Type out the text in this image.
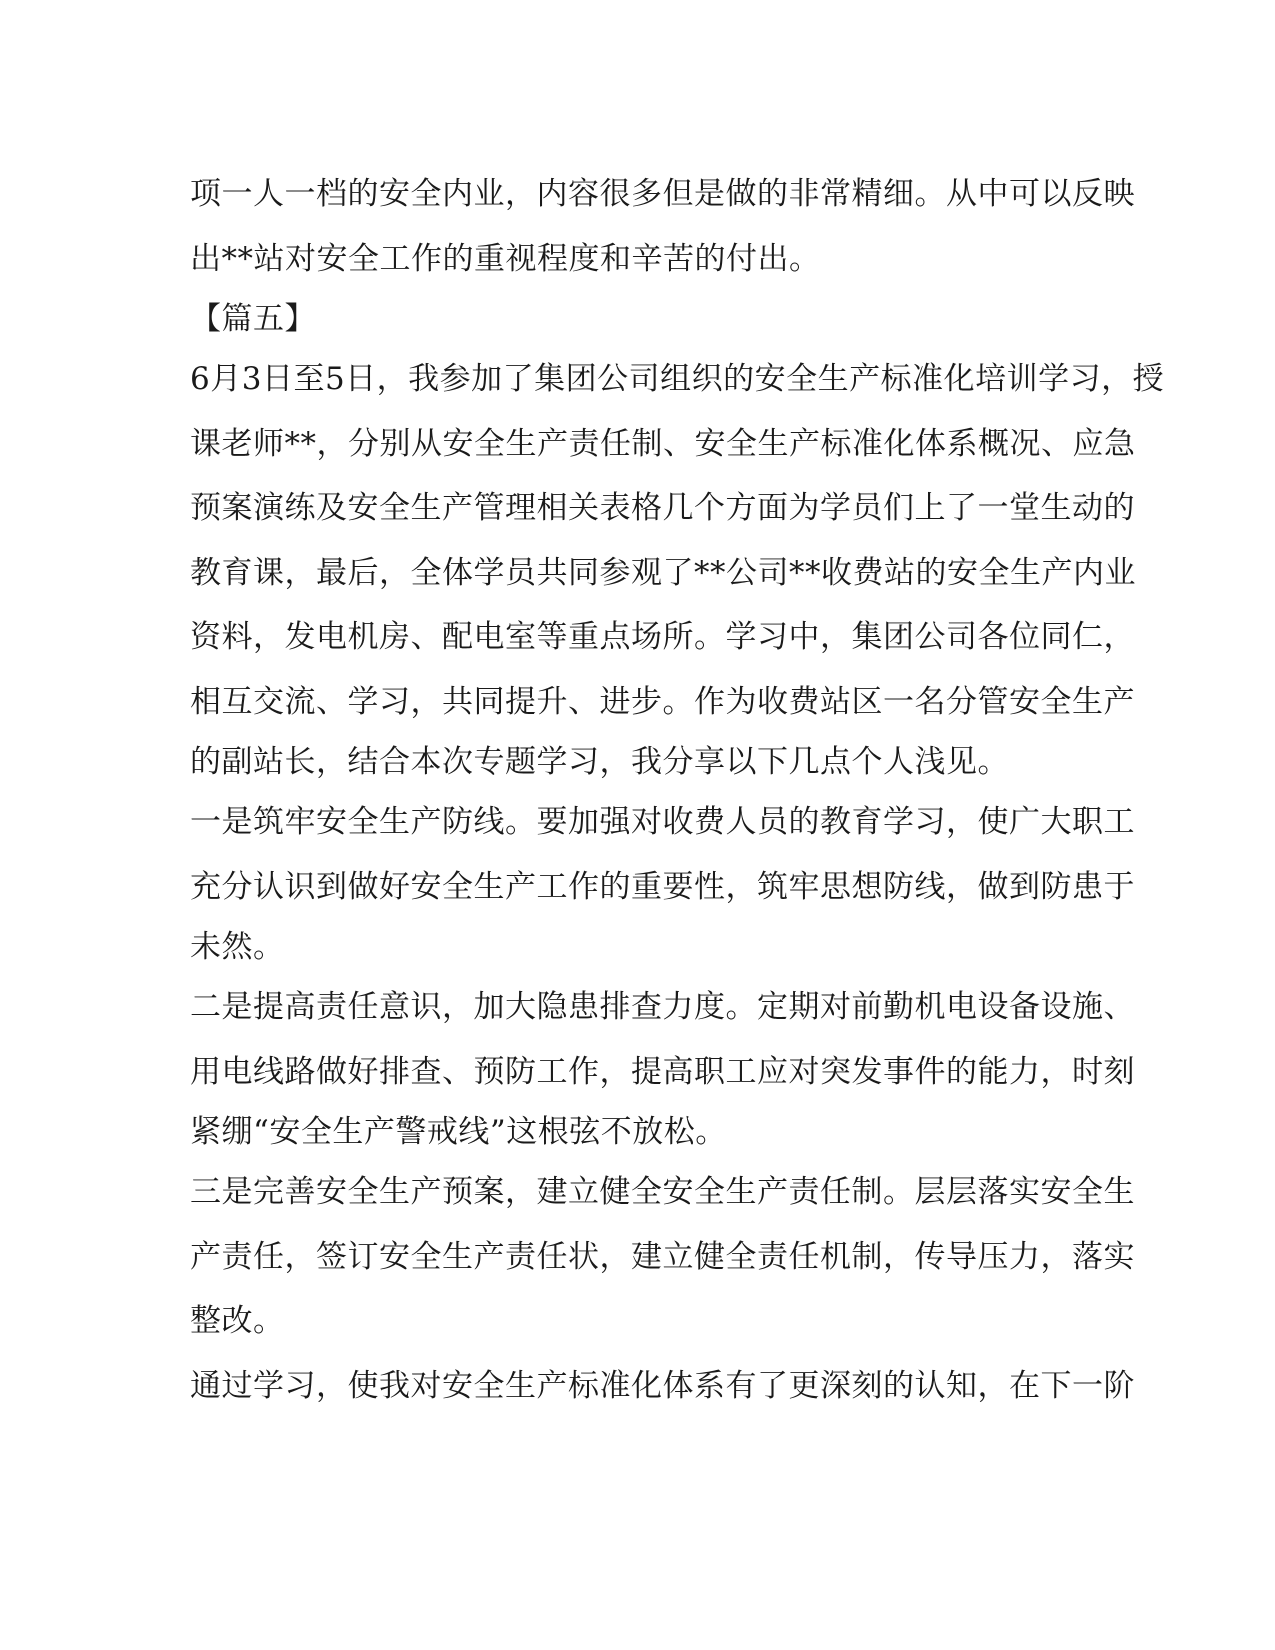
项一人一档的安全内业，内容很多但是做的非常精细。从中可以反映
出**站对安全工作的重视程度和辛苦的付出。
【篇五】
6月3日至5日，我参加了集团公司组织的安全生产标准化培训学习，授
课老师**，分别从安全生产责任制、安全生产标准化体系概况、应急
预案演练及安全生产管理相关表格几个方面为学员们上了一堂生动的
教育课，最后，全体学员共同参观了**公司**收费站的安全生产内业
资料，发电机房、配电室等重点场所。学习中，集团公司各位同仁，
相互交流、学习，共同提升、进步。作为收费站区一名分管安全生产
的副站长，结合本次专题学习，我分享以下几点个人浅见。
一是筑牢安全生产防线。要加强对收费人员的教育学习，使广大职工
充分认识到做好安全生产工作的重要性，筑牢思想防线，做到防患于
未然。
二是提高责任意识，加大隐患排查力度。定期对前勤机电设备设施、
用电线路做好排查、预防工作，提高职工应对突发事件的能力，时刻
紧绷“安全生产警戒线”这根弦不放松。
三是完善安全生产预案，建立健全安全生产责任制。层层落实安全生
产责任，签订安全生产责任状，建立健全责任机制，传导压力，落实
整改。
通过学习，使我对安全生产标准化体系有了更深刻的认知，在下一阶
